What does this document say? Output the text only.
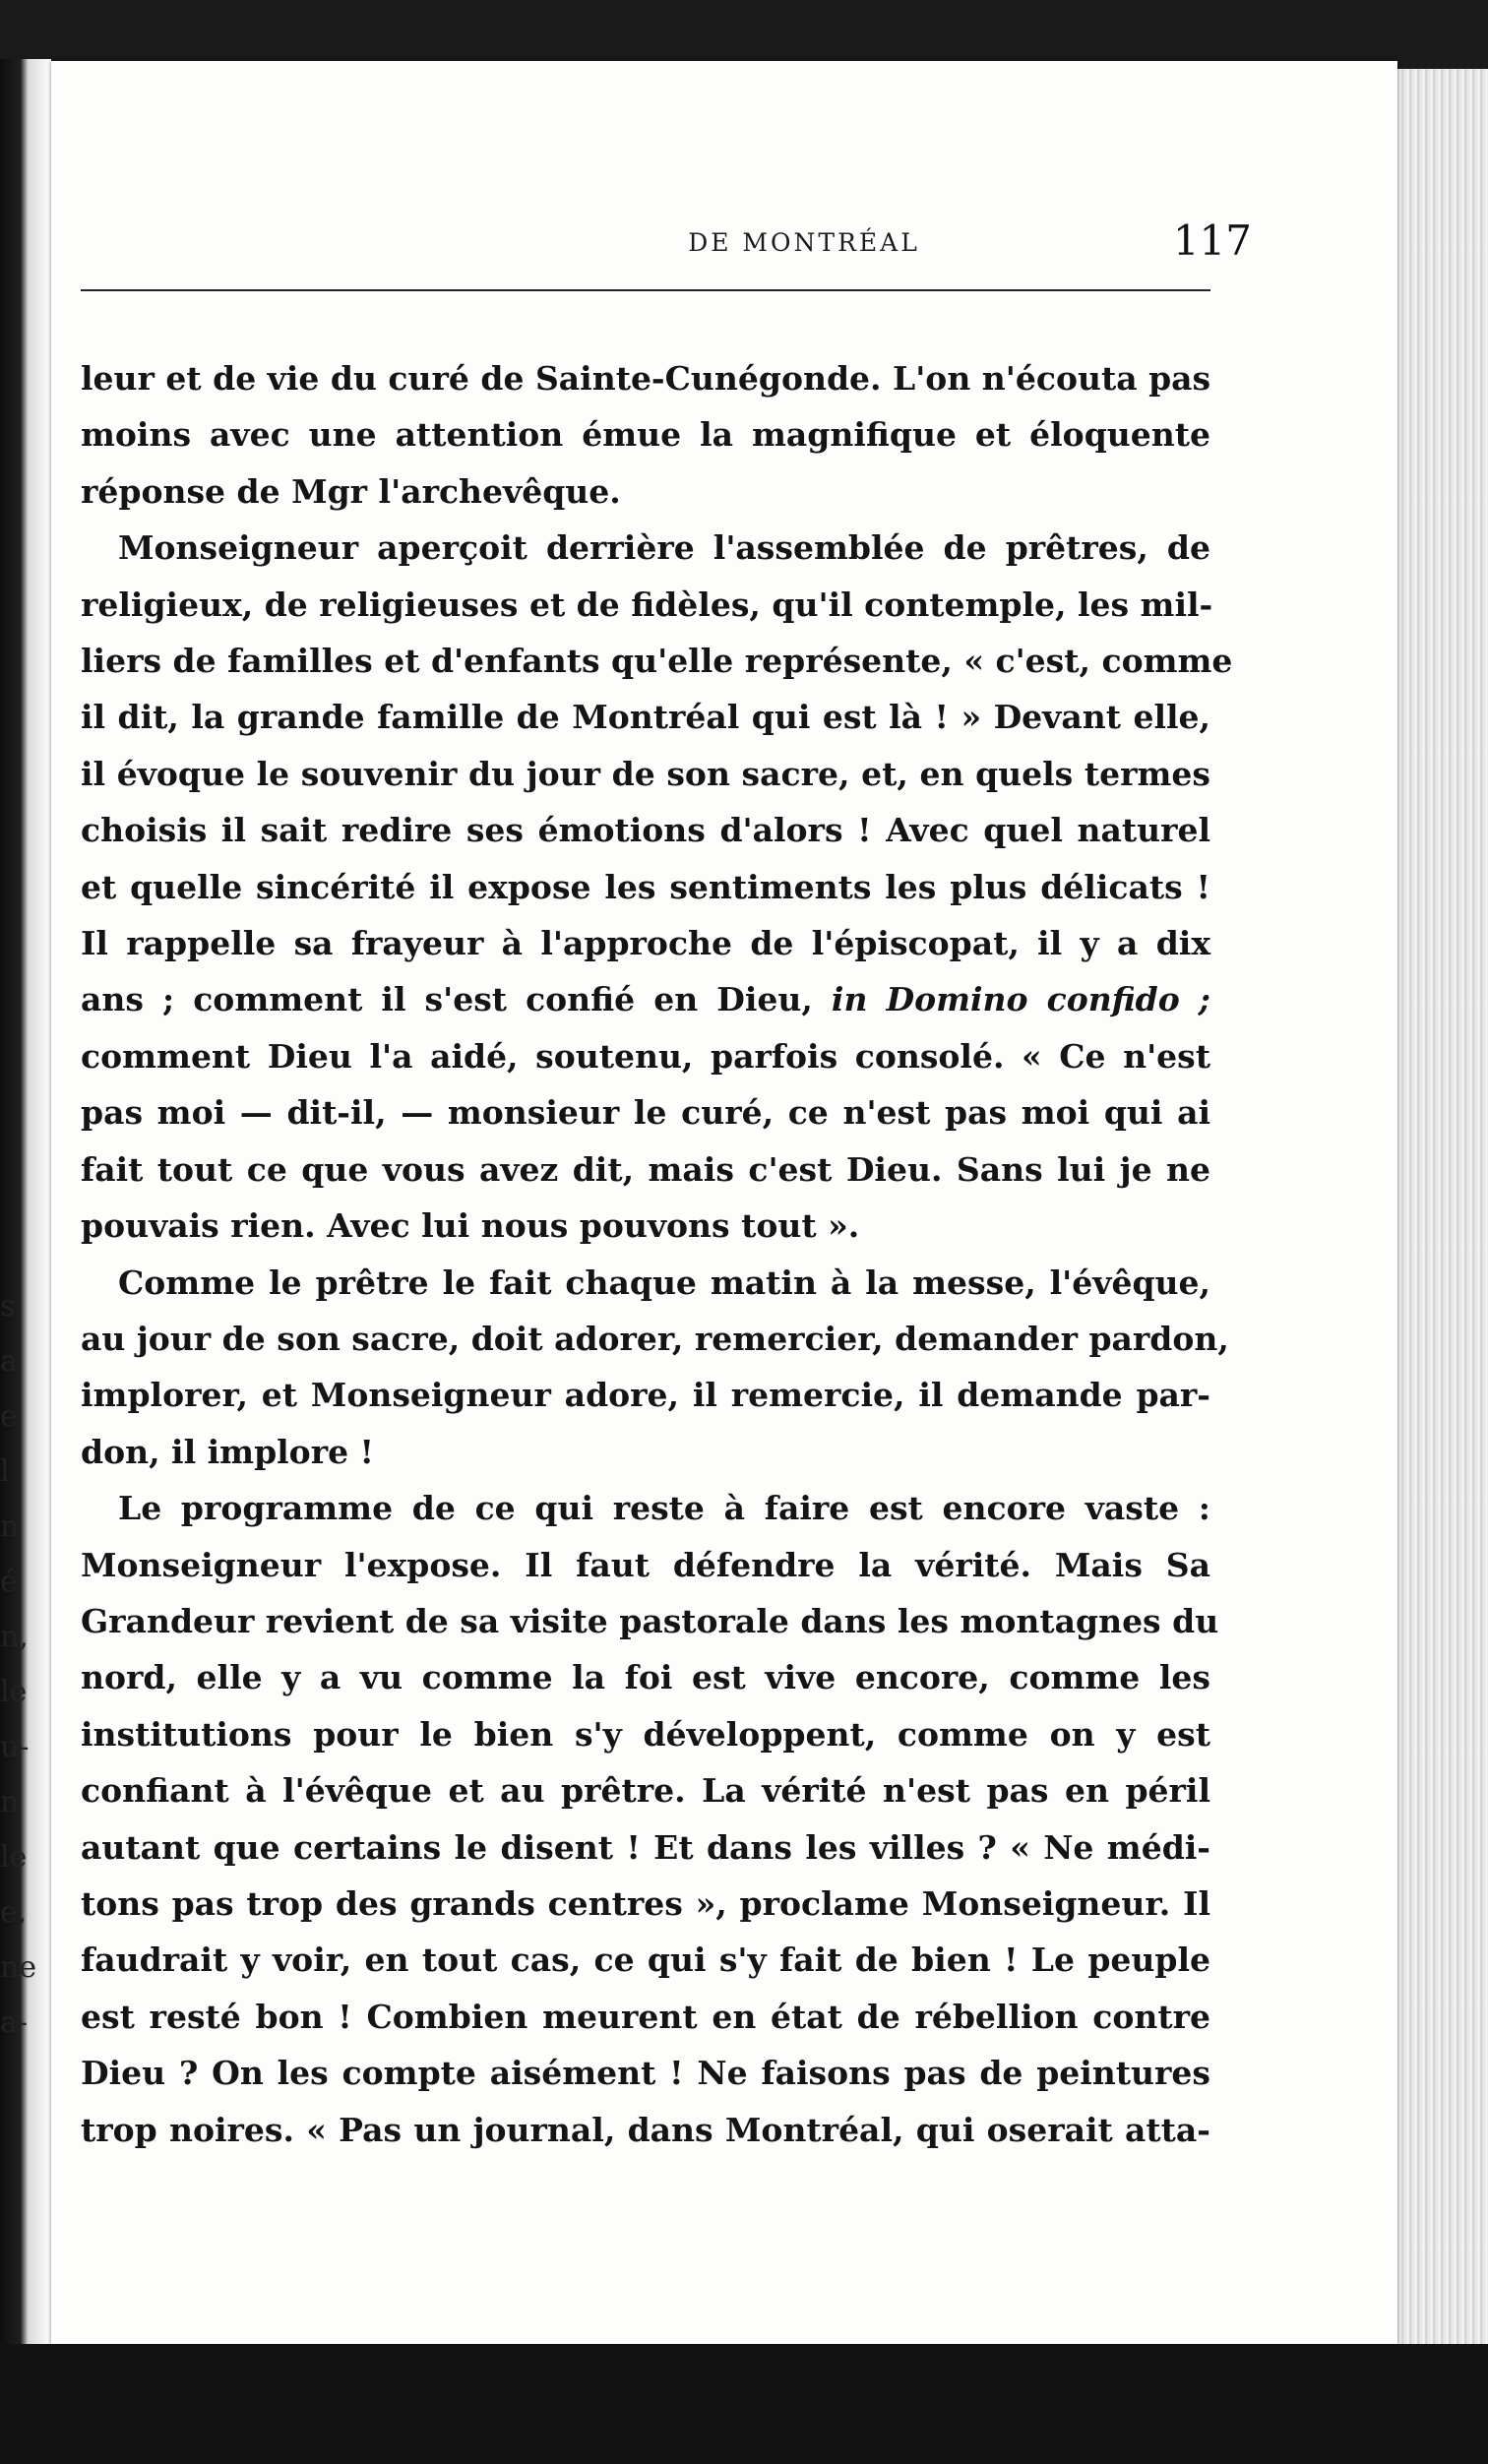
s
a
e
l
n
é
n,
le
u-
n
le
e,
ne
a-
DE MONTRÉAL	117
leur et de vie du curé de Sainte-Cunégonde. L'on n'écouta pas
moins avec une attention émue la magnifique et éloquente
réponse de Mgr l'archevêque.
Monseigneur aperçoit derrière l'assemblée de prêtres, de
religieux, de religieuses et de fidèles, qu'il contemple, les mil-
liers de familles et d'enfants qu'elle représente, « c'est, comme
il dit, la grande famille de Montréal qui est là ! » Devant elle,
il évoque le souvenir du jour de son sacre, et, en quels termes
choisis il sait redire ses émotions d'alors ! Avec quel naturel
et quelle sincérité il expose les sentiments les plus délicats !
Il rappelle sa frayeur à l'approche de l'épiscopat, il y a dix
ans ; comment il s'est confié en Dieu, in Domino confido ;
comment Dieu l'a aidé, soutenu, parfois consolé. « Ce n'est
pas moi — dit-il, — monsieur le curé, ce n'est pas moi qui ai
fait tout ce que vous avez dit, mais c'est Dieu. Sans lui je ne
pouvais rien. Avec lui nous pouvons tout ».
Comme le prêtre le fait chaque matin à la messe, l'évêque,
au jour de son sacre, doit adorer, remercier, demander pardon,
implorer, et Monseigneur adore, il remercie, il demande par-
don, il implore !
Le programme de ce qui reste à faire est encore vaste :
Monseigneur l'expose. Il faut défendre la vérité. Mais Sa
Grandeur revient de sa visite pastorale dans les montagnes du
nord, elle y a vu comme la foi est vive encore, comme les
institutions pour le bien s'y développent, comme on y est
confiant à l'évêque et au prêtre. La vérité n'est pas en péril
autant que certains le disent ! Et dans les villes ? « Ne médi-
tons pas trop des grands centres », proclame Monseigneur. Il
faudrait y voir, en tout cas, ce qui s'y fait de bien ! Le peuple
est resté bon ! Combien meurent en état de rébellion contre
Dieu ? On les compte aisément ! Ne faisons pas de peintures
trop noires. « Pas un journal, dans Montréal, qui oserait atta-
